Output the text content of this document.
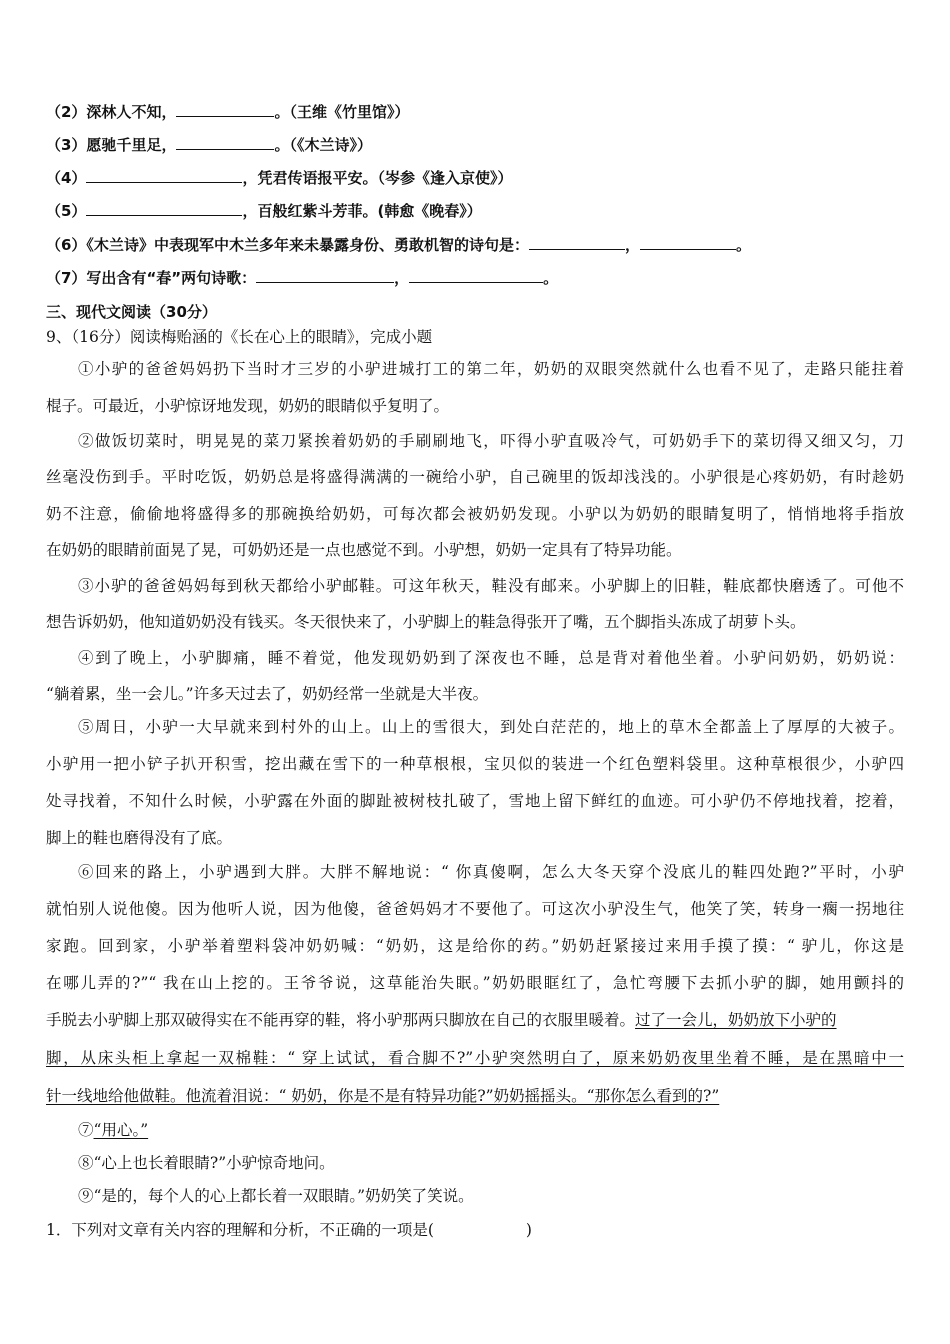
（2）深林人不知，	。（王维《竹里馆》）
（3）愿驰千里足，	。（《木兰诗》）
（4）	，凭君传语报平安。（岑参《逢入京使》）
（5）	，百般红紫斗芳菲。(韩愈《晚春》）
（6）《木兰诗》中表现军中木兰多年来未暴露身份、勇敢机智的诗句是：	，	。
（7）写出含有“春”两句诗歌：	，	。
三、现代文阅读（30分）
9、（16分）阅读梅贻涵的《长在心上的眼睛》，完成小题
①小驴的爸爸妈妈扔下当时才三岁的小驴进城打工的第二年，奶奶的双眼突然就什么也看不见了，走路只能拄着
棍子。可最近，小驴惊讶地发现，奶奶的眼睛似乎复明了。
②做饭切菜时，明晃晃的菜刀紧挨着奶奶的手刷刷地飞，吓得小驴直吸冷气，可奶奶手下的菜切得又细又匀，刀
丝毫没伤到手。平时吃饭，奶奶总是将盛得满满的一碗给小驴，自己碗里的饭却浅浅的。小驴很是心疼奶奶，有时趁奶
奶不注意，偷偷地将盛得多的那碗换给奶奶，可每次都会被奶奶发现。小驴以为奶奶的眼睛复明了，悄悄地将手指放
在奶奶的眼睛前面晃了晃，可奶奶还是一点也感觉不到。小驴想，奶奶一定具有了特异功能。
③小驴的爸爸妈妈每到秋天都给小驴邮鞋。可这年秋天，鞋没有邮来。小驴脚上的旧鞋，鞋底都快磨透了。可他不
想告诉奶奶，他知道奶奶没有钱买。冬天很快来了，小驴脚上的鞋急得张开了嘴，五个脚指头冻成了胡萝卜头。
④到了晚上，小驴脚痛，睡不着觉，他发现奶奶到了深夜也不睡，总是背对着他坐着。小驴问奶奶，奶奶说：
“躺着累，坐一会儿。”许多天过去了，奶奶经常一坐就是大半夜。
⑤周日，小驴一大早就来到村外的山上。山上的雪很大，到处白茫茫的，地上的草木全都盖上了厚厚的大被子。
小驴用一把小铲子扒开积雪，挖出藏在雪下的一种草根根，宝贝似的装进一个红色塑料袋里。这种草根很少，小驴四
处寻找着，不知什么时候，小驴露在外面的脚趾被树枝扎破了，雪地上留下鲜红的血迹。可小驴仍不停地找着，挖着，
脚上的鞋也磨得没有了底。
⑥回来的路上，小驴遇到大胖。大胖不解地说：“ 你真傻啊，怎么大冬天穿个没底儿的鞋四处跑?”平时，小驴
就怕别人说他傻。因为他听人说，因为他傻，爸爸妈妈才不要他了。可这次小驴没生气，他笑了笑，转身一瘸一拐地往
家跑。回到家，小驴举着塑料袋冲奶奶喊：“奶奶，这是给你的药。”奶奶赶紧接过来用手摸了摸：“ 驴儿，你这是
在哪儿弄的?”“ 我在山上挖的。王爷爷说，这草能治失眠。”奶奶眼眶红了，急忙弯腰下去抓小驴的脚，她用颤抖的
手脱去小驴脚上那双破得实在不能再穿的鞋，将小驴那两只脚放在自己的衣服里暖着。过了一会儿，奶奶放下小驴的
脚，从床头柜上拿起一双棉鞋：“ 穿上试试，看合脚不?”小驴突然明白了，原来奶奶夜里坐着不睡，是在黑暗中一
针一线地给他做鞋。他流着泪说：“ 奶奶，你是不是有特异功能?”奶奶摇摇头。“那你怎么看到的?”
⑦“用心。”
⑧“心上也长着眼睛?”小驴惊奇地问。
⑨“是的，每个人的心上都长着一双眼睛。”奶奶笑了笑说。
1．下列对文章有关内容的理解和分析，不正确的一项是(	)
